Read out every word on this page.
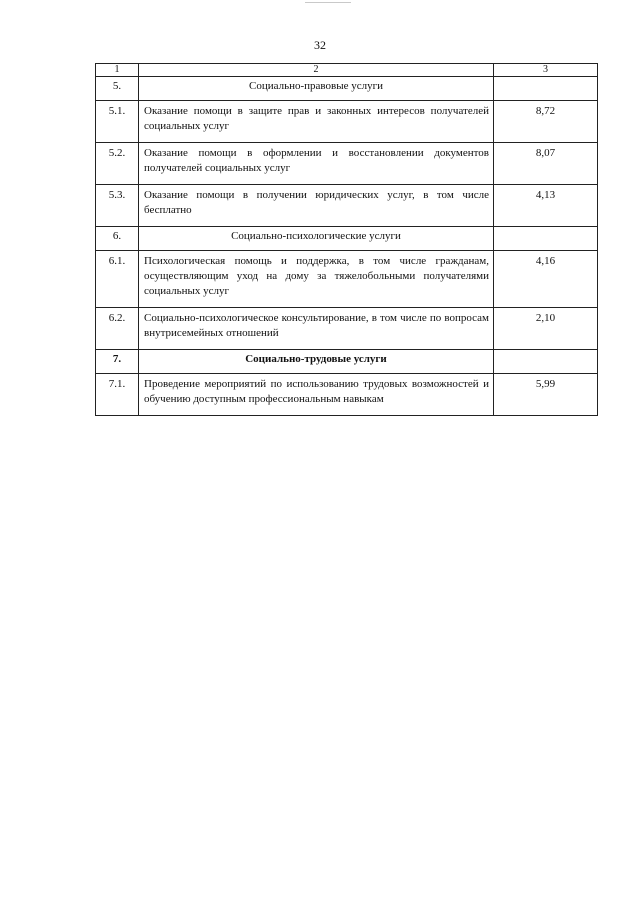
32
1	2	3
5.	Социально-правовые услуги	
5.1.	Оказание помощи в защите прав и законных интересов получателей социальных услуг	8,72
5.2.	Оказание помощи в оформлении и восстановлении документов получателей социальных услуг	8,07
5.3.	Оказание помощи в получении юридических услуг, в том числе бесплатно	4,13
6.	Социально-психологические услуги	
6.1.	Психологическая помощь и поддержка, в том числе гражданам, осуществляющим уход на дому за тяжелобольными получателями социальных услуг	4,16
6.2.	Социально-психологическое консультирование, в том числе по вопросам внутрисемейных отношений	2,10
7.	Социально-трудовые услуги	
7.1.	Проведение мероприятий по использованию трудовых возможностей и обучению доступным профессиональным навыкам	5,99
